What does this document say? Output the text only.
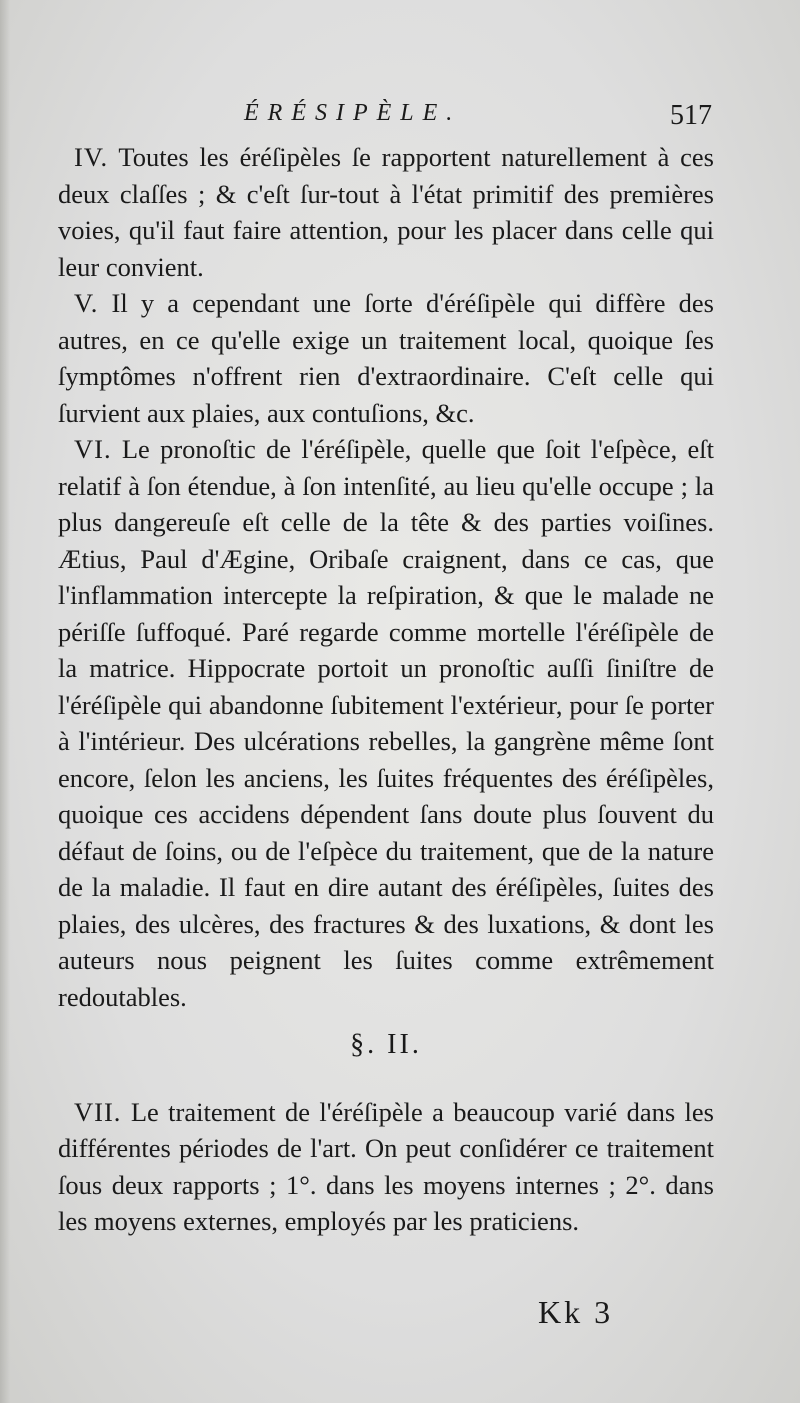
ÉRÉSIPÈLE.	517

IV. Toutes les éréſipèles ſe rapportent naturellement à ces deux claſſes ; & c'eſt ſur-tout à l'état primitif des premières voies, qu'il faut faire attention, pour les placer dans celle qui leur convient.

V. Il y a cependant une ſorte d'éréſipèle qui diffère des autres, en ce qu'elle exige un traitement local, quoique ſes ſymptômes n'offrent rien d'extraordinaire. C'eſt celle qui ſurvient aux plaies, aux contuſions, &c.

VI. Le pronoſtic de l'éréſipèle, quelle que ſoit l'eſpèce, eſt relatif à ſon étendue, à ſon intenſité, au lieu qu'elle occupe ; la plus dangereuſe eſt celle de la tête & des parties voiſines. Ætius, Paul d'Ægine, Oribaſe craignent, dans ce cas, que l'inflammation intercepte la reſpiration, & que le malade ne périſſe ſuffoqué. Paré regarde comme mortelle l'éréſipèle de la matrice. Hippocrate portoit un pronoſtic auſſi ſiniſtre de l'éréſipèle qui abandonne ſubitement l'extérieur, pour ſe porter à l'intérieur. Des ulcérations rebelles, la gangrène même ſont encore, ſelon les anciens, les ſuites fréquentes des éréſipèles, quoique ces accidens dépendent ſans doute plus ſouvent du défaut de ſoins, ou de l'eſpèce du traitement, que de la nature de la maladie. Il faut en dire autant des éréſipèles, ſuites des plaies, des ulcères, des fractures & des luxations, & dont les auteurs nous peignent les ſuites comme extrêmement redoutables.

§. II.

VII. Le traitement de l'éréſipèle a beaucoup varié dans les différentes périodes de l'art. On peut conſidérer ce traitement ſous deux rapports ; 1°. dans les moyens internes ; 2°. dans les moyens externes, employés par les praticiens.

Kk 3
